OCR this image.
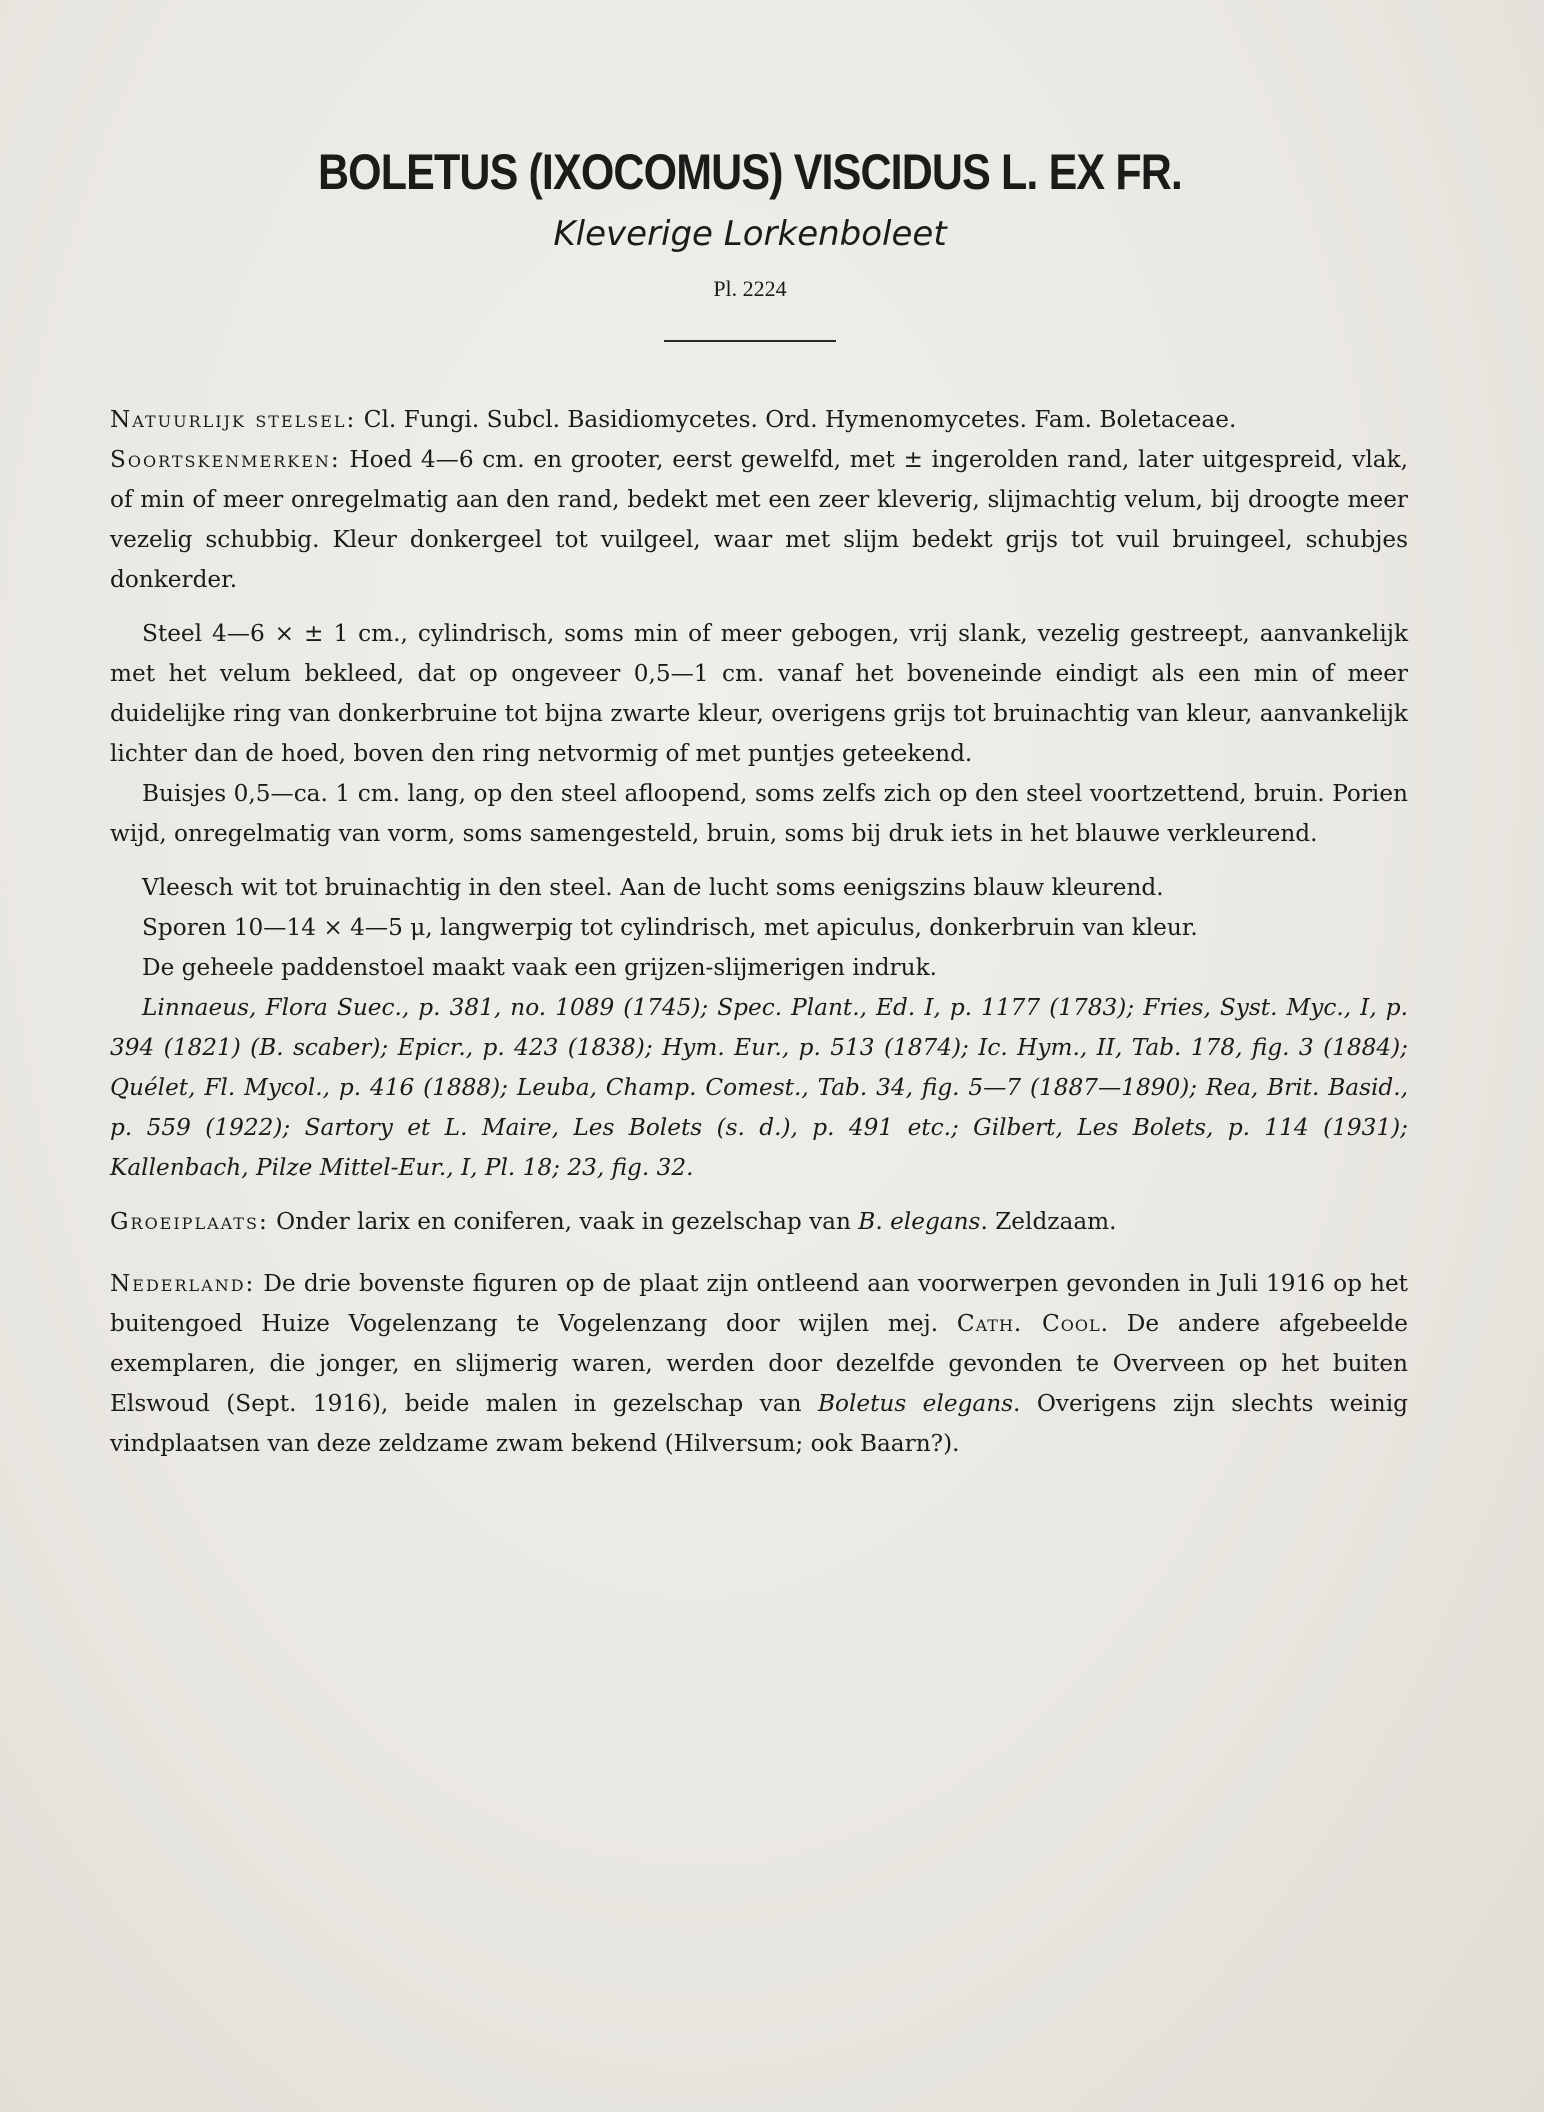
BOLETUS (IXOCOMUS) VISCIDUS L. EX FR.

Kleverige Lorkenboleet

Pl. 2224

Natuurlijk stelsel: Cl. Fungi. Subcl. Basidiomycetes. Ord. Hymenomycetes. Fam. Boletaceae.

Soortskenmerken: Hoed 4—6 cm. en grooter, eerst gewelfd, met ± ingerolden rand, later uitgespreid, vlak, of min of meer onregelmatig aan den rand, bedekt met een zeer kleverig, slijmachtig velum, bij droogte meer vezelig schubbig. Kleur donkergeel tot vuilgeel, waar met slijm bedekt grijs tot vuil bruingeel, schubjes donkerder.

Steel 4—6 × ± 1 cm., cylindrisch, soms min of meer gebogen, vrij slank, vezelig gestreept, aanvankelijk met het velum bekleed, dat op ongeveer 0,5—1 cm. vanaf het boveneinde eindigt als een min of meer duidelijke ring van donkerbruine tot bijna zwarte kleur, overigens grijs tot bruinachtig van kleur, aanvankelijk lichter dan de hoed, boven den ring netvormig of met puntjes geteekend.

Buisjes 0,5—ca. 1 cm. lang, op den steel afloopend, soms zelfs zich op den steel voortzettend, bruin. Porien wijd, onregelmatig van vorm, soms samengesteld, bruin, soms bij druk iets in het blauwe verkleurend.

Vleesch wit tot bruinachtig in den steel. Aan de lucht soms eenigszins blauw kleurend.

Sporen 10—14 × 4—5 μ, langwerpig tot cylindrisch, met apiculus, donkerbruin van kleur.

De geheele paddenstoel maakt vaak een grijzen-slijmerigen indruk.

Linnaeus, Flora Suec., p. 381, no. 1089 (1745); Spec. Plant., Ed. I, p. 1177 (1783); Fries, Syst. Myc., I, p. 394 (1821) (B. scaber); Epicr., p. 423 (1838); Hym. Eur., p. 513 (1874); Ic. Hym., II, Tab. 178, fig. 3 (1884); Quélet, Fl. Mycol., p. 416 (1888); Leuba, Champ. Comest., Tab. 34, fig. 5—7 (1887—1890); Rea, Brit. Basid., p. 559 (1922); Sartory et L. Maire, Les Bolets (s. d.), p. 491 etc.; Gilbert, Les Bolets, p. 114 (1931); Kallenbach, Pilze Mittel-Eur., I, Pl. 18; 23, fig. 32.

Groeiplaats: Onder larix en coniferen, vaak in gezelschap van B. elegans. Zeldzaam.

Nederland: De drie bovenste figuren op de plaat zijn ontleend aan voorwerpen gevonden in Juli 1916 op het buitengoed Huize Vogelenzang te Vogelenzang door wijlen mej. Cath. Cool. De andere afgebeelde exemplaren, die jonger, en slijmerig waren, werden door dezelfde gevonden te Overveen op het buiten Elswoud (Sept. 1916), beide malen in gezelschap van Boletus elegans. Overigens zijn slechts weinig vindplaatsen van deze zeldzame zwam bekend (Hilversum; ook Baarn?).
